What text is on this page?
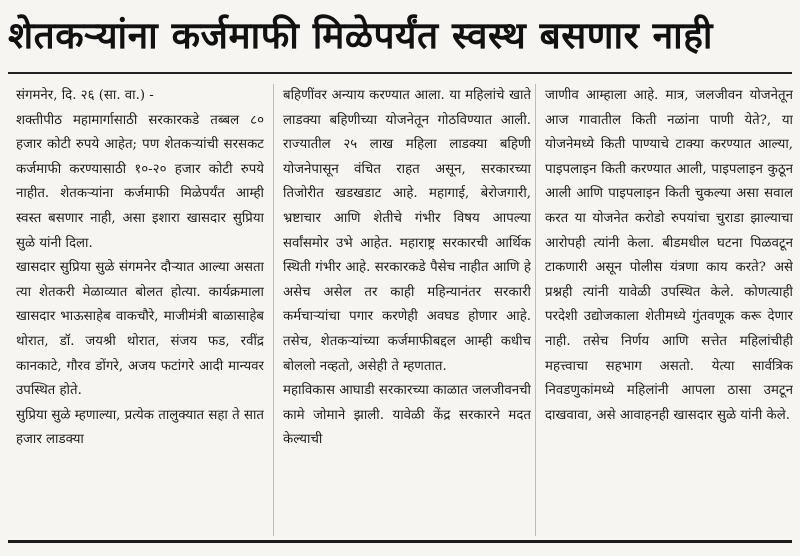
शेतकऱ्यांना कर्जमाफी मिळेपर्यंत स्वस्थ बसणार नाही
संगमनेर, दि. २६ (सा. वा.) -
शक्तीपीठ महामार्गासाठी सरकारकडे तब्बल ८० हजार कोटी रुपये आहेत; पण शेतकऱ्यांची सरसकट कर्जमाफी करण्यासाठी १०-२० हजार कोटी रुपये नाहीत. शेतकऱ्यांना कर्जमाफी मिळेपर्यंत आम्ही स्वस्त बसणार नाही, असा इशारा खासदार सुप्रिया सुळे यांनी दिला.
खासदार सुप्रिया सुळे संगमनेर दौऱ्यात आल्या असता त्या शेतकरी मेळाव्यात बोलत होत्या. कार्यक्रमाला खासदार भाऊसाहेब वाकचौरे, माजीमंत्री बाळासाहेब थोरात, डॉ. जयश्री थोरात, संजय फड, रवींद्र कानकाटे, गौरव डोंगरे, अजय फटांगरे आदी मान्यवर उपस्थित होते.
सुप्रिया सुळे म्हणाल्या, प्रत्येक तालुक्यात सहा ते सात हजार लाडक्या
बहिणींवर अन्याय करण्यात आला. या महिलांचे खाते लाडक्या बहिणीच्या योजनेतून गोठविण्यात आली. राज्यातील २५ लाख महिला लाडक्या बहिणी योजनेपासून वंचित राहत असून, सरकारच्या तिजोरीत खडखडाट आहे. महागाई, बेरोजगारी, भ्रष्टाचार आणि शेतीचे गंभीर विषय आपल्या सर्वांसमोर उभे आहेत. महाराष्ट्र सरकारची आर्थिक स्थिती गंभीर आहे. सरकारकडे पैसेच नाहीत आणि हे असेच असेल तर काही महिन्यानंतर सरकारी कर्मचाऱ्यांचा पगार करणेही अवघड होणार आहे. तसेच, शेतकऱ्यांच्या कर्जमाफीबद्दल आम्ही कधीच बोललो नव्हतो, असेही ते म्हणतात.
महाविकास आघाडी सरकारच्या काळात जलजीवनची कामे जोमाने झाली. यावेळी केंद्र सरकारने मदत केल्याची
जाणीव आम्हाला आहे. मात्र, जलजीवन योजनेतून आज गावातील किती नळांना पाणी येते?, या योजनेमध्ये किती पाण्याचे टाक्या करण्यात आल्या, पाइपलाइन किती करण्यात आली, पाइपलाइन कुठून आली आणि पाइपलाइन किती चुकल्या असा सवाल करत या योजनेत करोडो रुपयांचा चुराडा झाल्याचा आरोपही त्यांनी केला. बीडमधील घटना पिळवटून टाकणारी असून पोलीस यंत्रणा काय करते? असे प्रश्नही त्यांनी यावेळी उपस्थित केले. कोणत्याही परदेशी उद्योजकाला शेतीमध्ये गुंतवणूक करू देणार नाही. तसेच निर्णय आणि सत्तेत महिलांचीही महत्त्वाचा सहभाग असतो. येत्या सार्वत्रिक निवडणुकांमध्ये महिलांनी आपला ठासा उमटून दाखवावा, असे आवाहनही खासदार सुळे यांनी केले.
